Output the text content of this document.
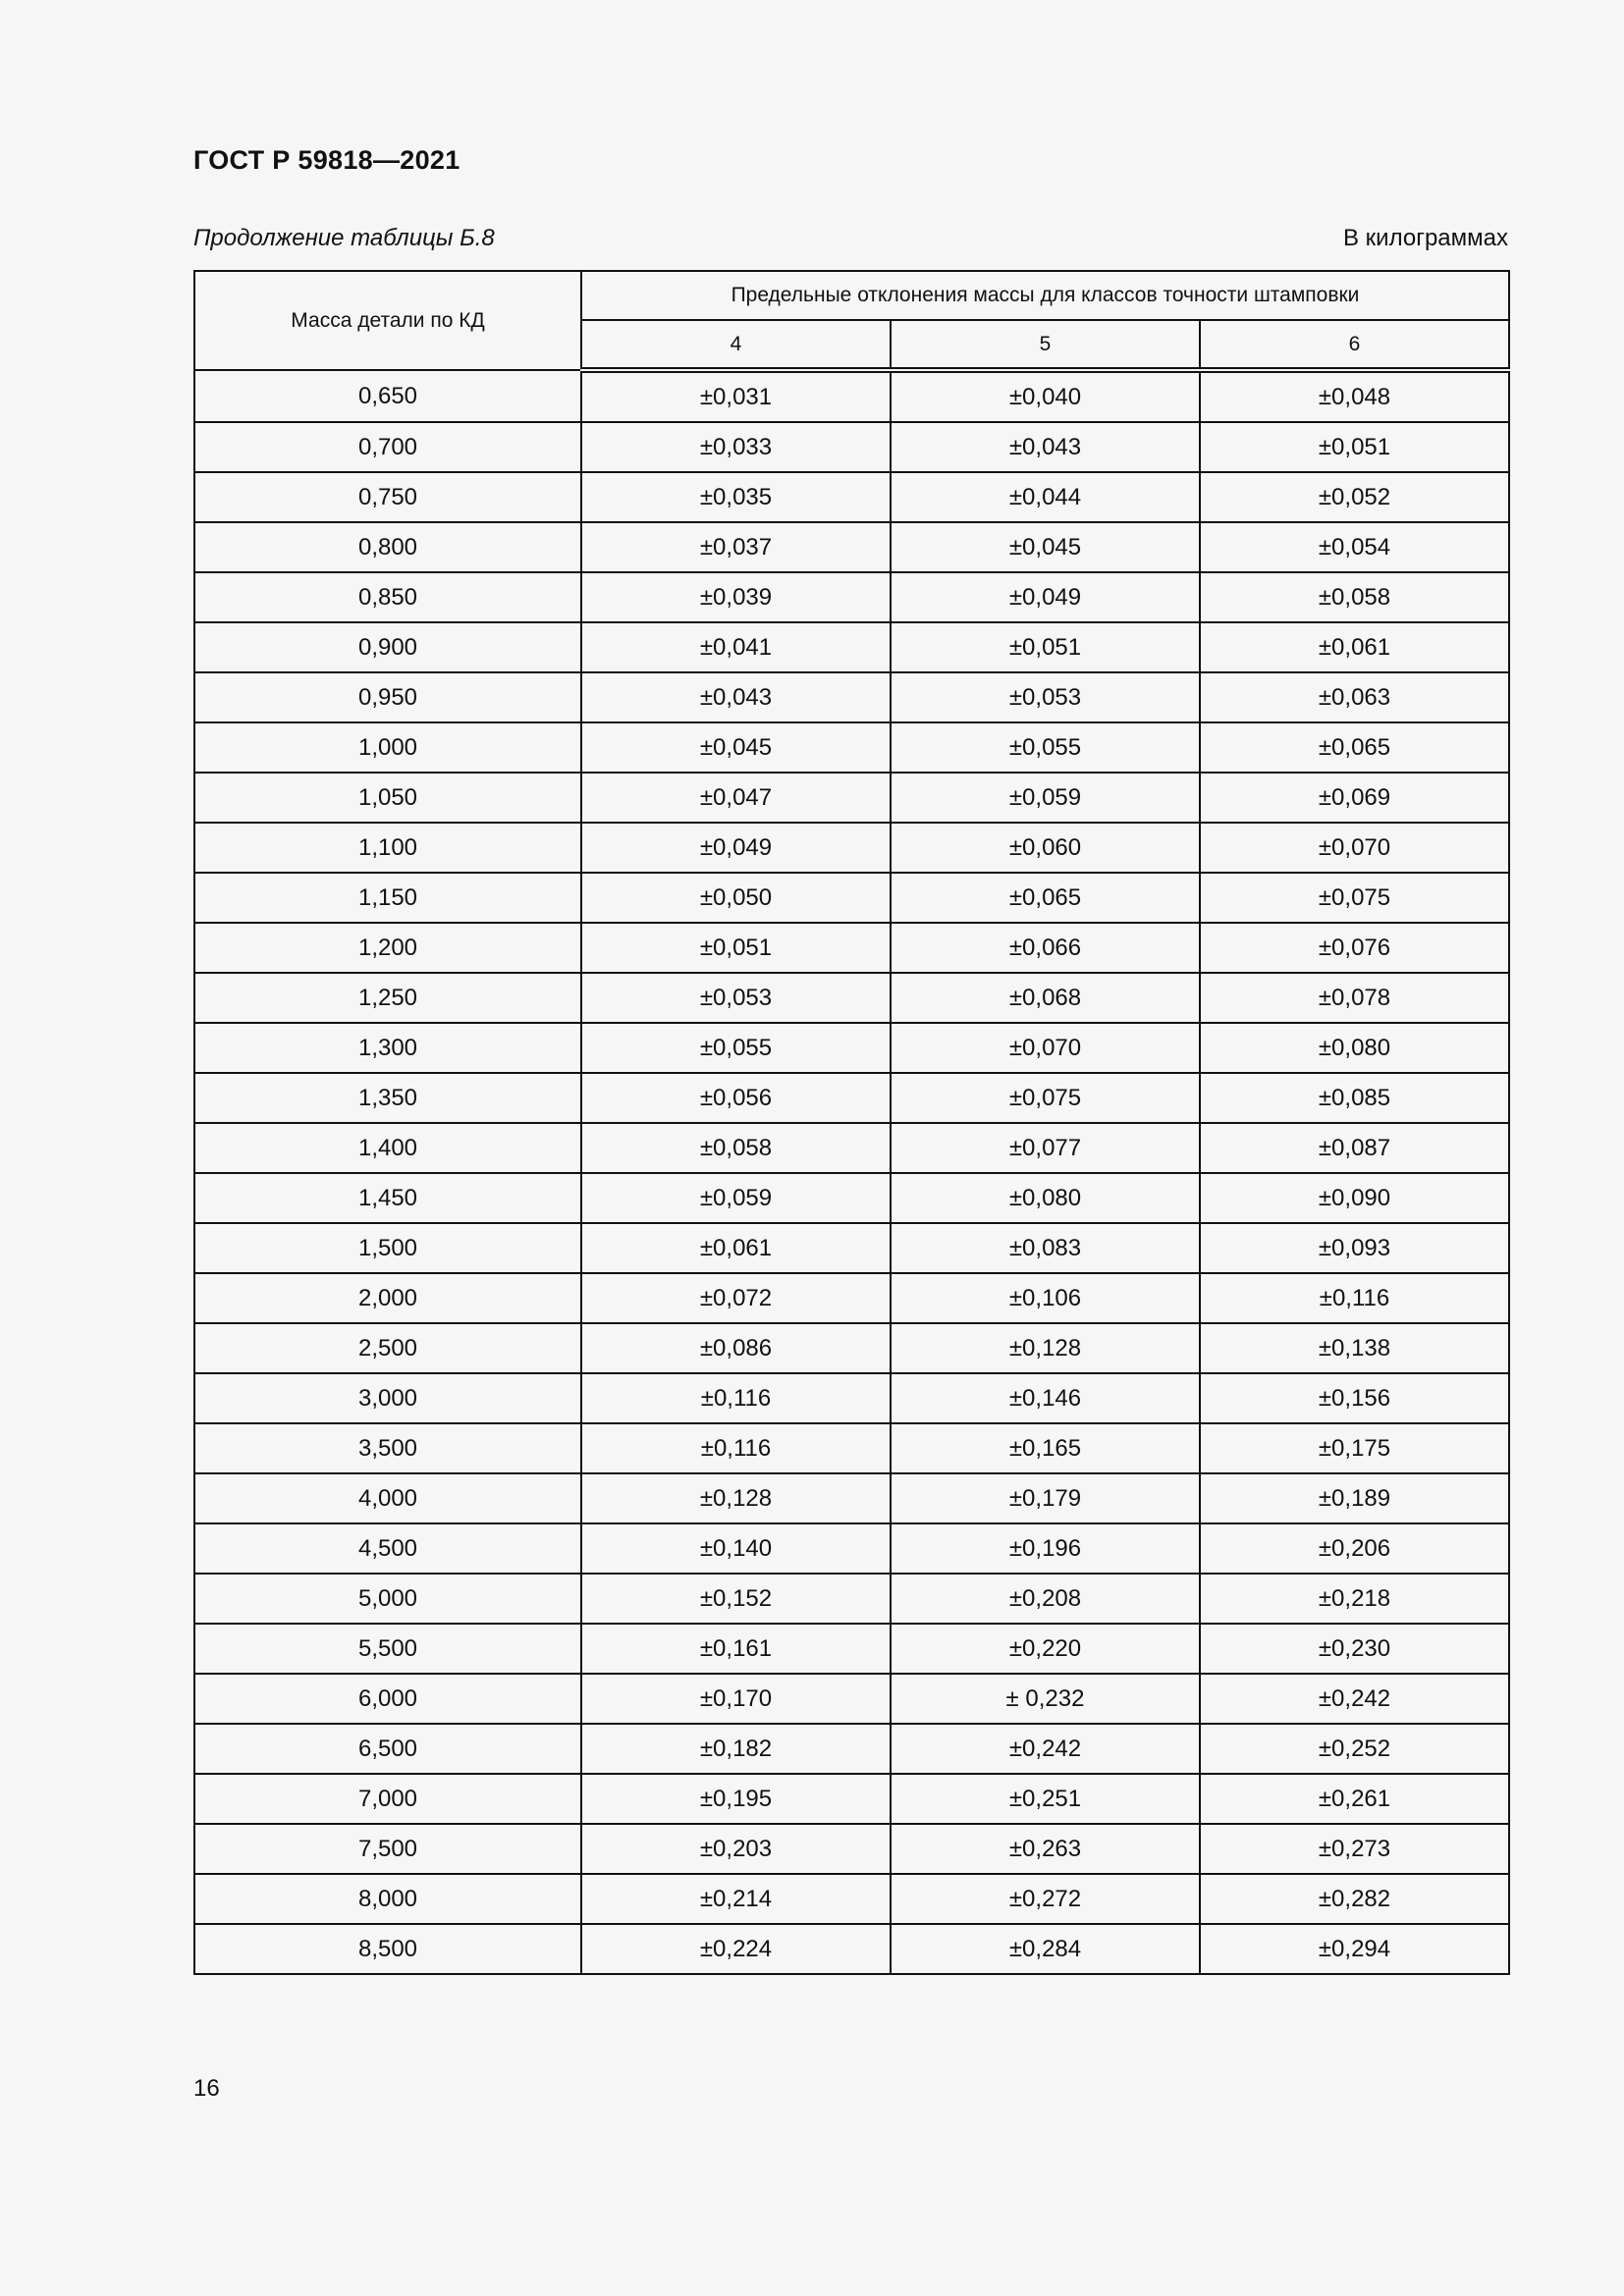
ГОСТ Р 59818—2021
Продолжение таблицы Б.8	В килограммах
Масса детали по КД	Предельные отклонения массы для классов точности штамповки		
	4	5	6
0,650	±0,031	±0,040	±0,048
0,700	±0,033	±0,043	±0,051
0,750	±0,035	±0,044	±0,052
0,800	±0,037	±0,045	±0,054
0,850	±0,039	±0,049	±0,058
0,900	±0,041	±0,051	±0,061
0,950	±0,043	±0,053	±0,063
1,000	±0,045	±0,055	±0,065
1,050	±0,047	±0,059	±0,069
1,100	±0,049	±0,060	±0,070
1,150	±0,050	±0,065	±0,075
1,200	±0,051	±0,066	±0,076
1,250	±0,053	±0,068	±0,078
1,300	±0,055	±0,070	±0,080
1,350	±0,056	±0,075	±0,085
1,400	±0,058	±0,077	±0,087
1,450	±0,059	±0,080	±0,090
1,500	±0,061	±0,083	±0,093
2,000	±0,072	±0,106	±0,116
2,500	±0,086	±0,128	±0,138
3,000	±0,116	±0,146	±0,156
3,500	±0,116	±0,165	±0,175
4,000	±0,128	±0,179	±0,189
4,500	±0,140	±0,196	±0,206
5,000	±0,152	±0,208	±0,218
5,500	±0,161	±0,220	±0,230
6,000	±0,170	± 0,232	±0,242
6,500	±0,182	±0,242	±0,252
7,000	±0,195	±0,251	±0,261
7,500	±0,203	±0,263	±0,273
8,000	±0,214	±0,272	±0,282
8,500	±0,224	±0,284	±0,294
16
